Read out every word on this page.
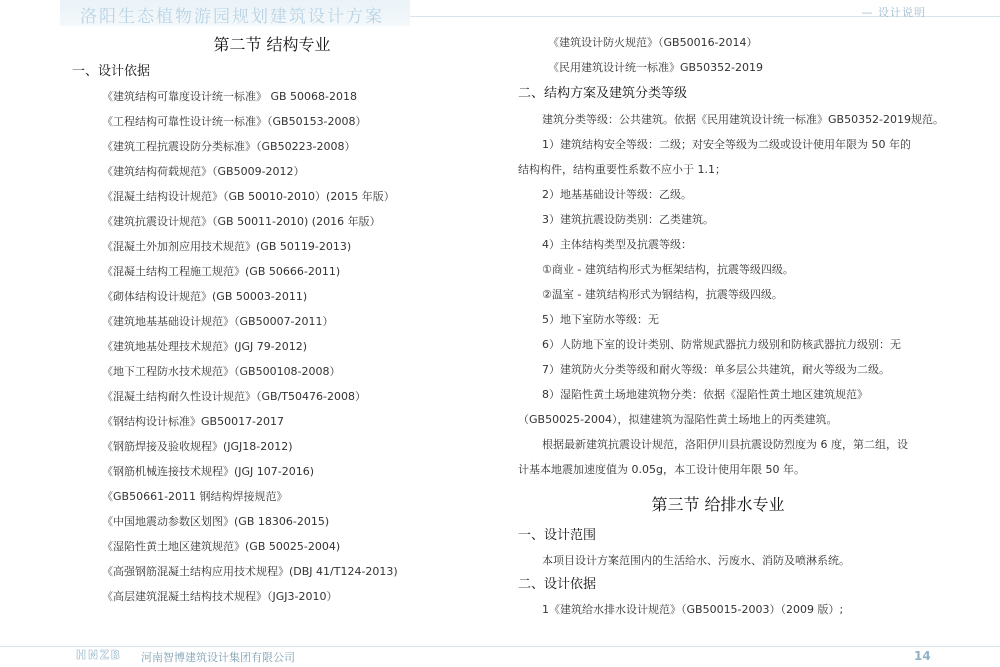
洛阳生态植物游园规划建筑设计方案	— 设计说明
第二节 结构专业
一、设计依据
《建筑结构可靠度设计统一标准》 GB 50068-2018
《工程结构可靠性设计统一标准》（GB50153-2008）
《建筑工程抗震设防分类标准》（GB50223-2008）
《建筑结构荷载规范》（GB5009-2012）
《混凝土结构设计规范》（GB 50010-2010）(2015 年版）
《建筑抗震设计规范》（GB 50011-2010) (2016 年版）
《混凝土外加剂应用技术规范》(GB 50119-2013)
《混凝土结构工程施工规范》(GB 50666-2011)
《砌体结构设计规范》(GB 50003-2011)
《建筑地基基础设计规范》（GB50007-2011）
《建筑地基处理技术规范》(JGJ 79-2012)
《地下工程防水技术规范》（GB500108-2008）
《混凝土结构耐久性设计规范》（GB/T50476-2008）
《钢结构设计标准》GB50017-2017
《钢筋焊接及验收规程》(JGJ18-2012)
《钢筋机械连接技术规程》(JGJ 107-2016)
《GB50661-2011 钢结构焊接规范》
《中国地震动参数区划图》(GB 18306-2015)
《湿陷性黄土地区建筑规范》(GB 50025-2004)
《高强钢筋混凝土结构应用技术规程》(DBJ 41/T124-2013)
《高层建筑混凝土结构技术规程》（JGJ3-2010）
《建筑设计防火规范》（GB50016-2014）
《民用建筑设计统一标准》GB50352-2019
二、结构方案及建筑分类等级
建筑分类等级：公共建筑。依据《民用建筑设计统一标准》GB50352-2019规范。
1）建筑结构安全等级：二级；对安全等级为二级或设计使用年限为 50 年的
结构构件，结构重要性系数不应小于 1.1；
2）地基基础设计等级：乙级。
3）建筑抗震设防类别：乙类建筑。
4）主体结构类型及抗震等级：
①商业 - 建筑结构形式为框架结构，抗震等级四级。
②温室 - 建筑结构形式为钢结构，抗震等级四级。
5）地下室防水等级：无
6）人防地下室的设计类别、防常规武器抗力级别和防核武器抗力级别：无
7）建筑防火分类等级和耐火等级：单多层公共建筑，耐火等级为二级。
8）湿陷性黄土场地建筑物分类：依据《湿陷性黄土地区建筑规范》
（GB50025-2004），拟建建筑为湿陷性黄土场地上的丙类建筑。
根据最新建筑抗震设计规范，洛阳伊川县抗震设防烈度为 6 度，第二组，设
计基本地震加速度值为 0.05g，本工设计使用年限 50 年。
第三节 给排水专业
一、设计范围
本项目设计方案范围内的生活给水、污废水、消防及喷淋系统。
二、设计依据
1《建筑给水排水设计规范》（GB50015-2003）（2009 版）;
HNZB 河南智博建筑设计集团有限公司	14
